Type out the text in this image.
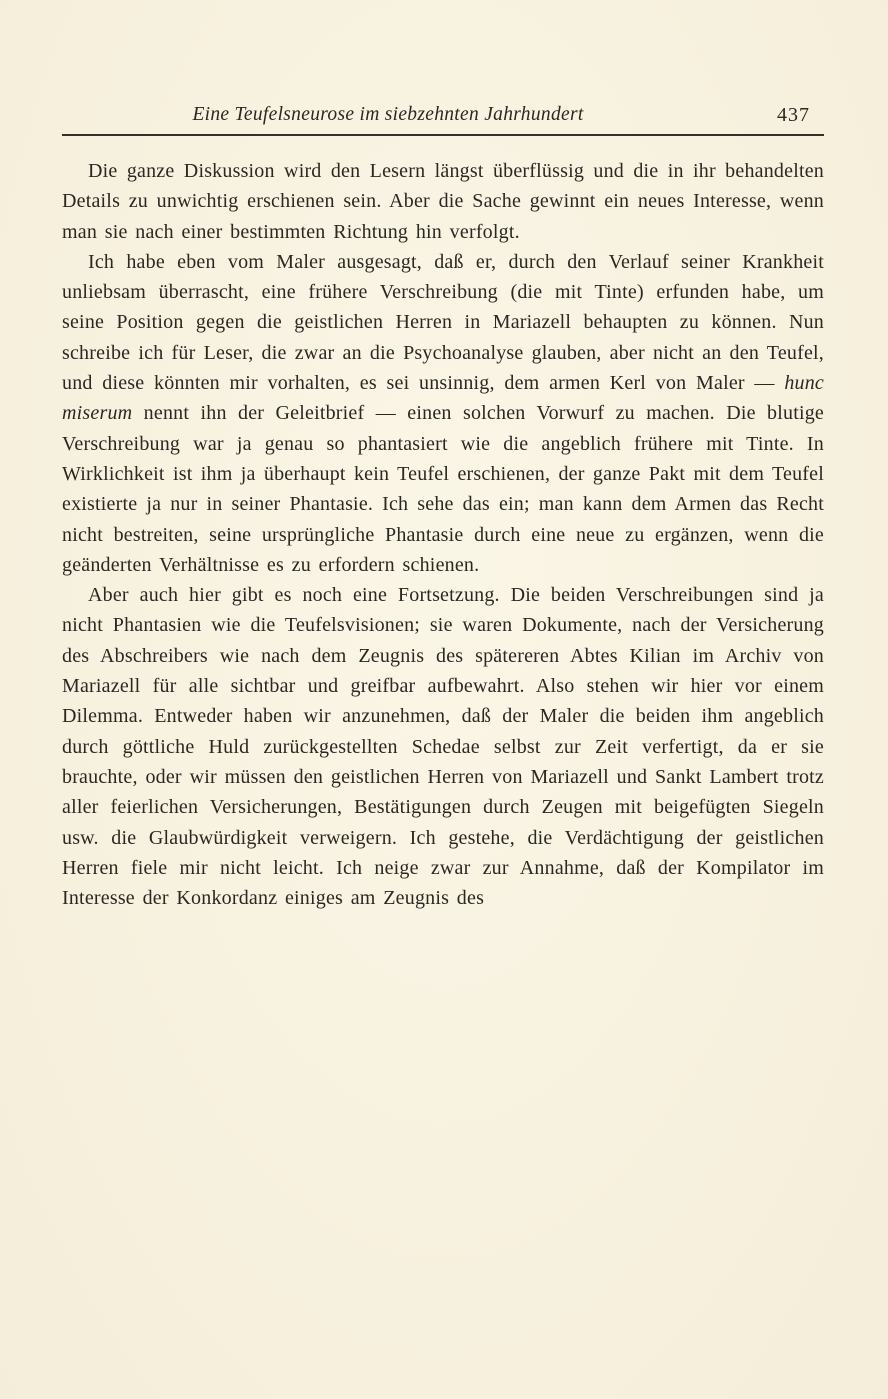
Eine Teufelsneurose im siebzehnten Jahrhundert	437

Die ganze Diskussion wird den Lesern längst überflüssig und die in ihr behandelten Details zu unwichtig erschienen sein. Aber die Sache gewinnt ein neues Interesse, wenn man sie nach einer bestimmten Richtung hin verfolgt.

Ich habe eben vom Maler ausgesagt, daß er, durch den Verlauf seiner Krankheit unliebsam überrascht, eine frühere Verschreibung (die mit Tinte) erfunden habe, um seine Position gegen die geistlichen Herren in Mariazell behaupten zu können. Nun schreibe ich für Leser, die zwar an die Psychoanalyse glauben, aber nicht an den Teufel, und diese könnten mir vorhalten, es sei unsinnig, dem armen Kerl von Maler — hunc miserum nennt ihn der Geleitbrief — einen solchen Vorwurf zu machen. Die blutige Verschreibung war ja genau so phantasiert wie die angeblich frühere mit Tinte. In Wirklichkeit ist ihm ja überhaupt kein Teufel erschienen, der ganze Pakt mit dem Teufel existierte ja nur in seiner Phantasie. Ich sehe das ein; man kann dem Armen das Recht nicht bestreiten, seine ursprüngliche Phantasie durch eine neue zu ergänzen, wenn die geänderten Verhältnisse es zu erfordern schienen.

Aber auch hier gibt es noch eine Fortsetzung. Die beiden Verschreibungen sind ja nicht Phantasien wie die Teufelsvisionen; sie waren Dokumente, nach der Versicherung des Abschreibers wie nach dem Zeugnis des spätereren Abtes Kilian im Archiv von Mariazell für alle sichtbar und greifbar aufbewahrt. Also stehen wir hier vor einem Dilemma. Entweder haben wir anzunehmen, daß der Maler die beiden ihm angeblich durch göttliche Huld zurückgestellten Schedae selbst zur Zeit verfertigt, da er sie brauchte, oder wir müssen den geistlichen Herren von Mariazell und Sankt Lambert trotz aller feierlichen Versicherungen, Bestätigungen durch Zeugen mit beigefügten Siegeln usw. die Glaubwürdigkeit verweigern. Ich gestehe, die Verdächtigung der geistlichen Herren fiele mir nicht leicht. Ich neige zwar zur Annahme, daß der Kompilator im Interesse der Konkordanz einiges am Zeugnis des
